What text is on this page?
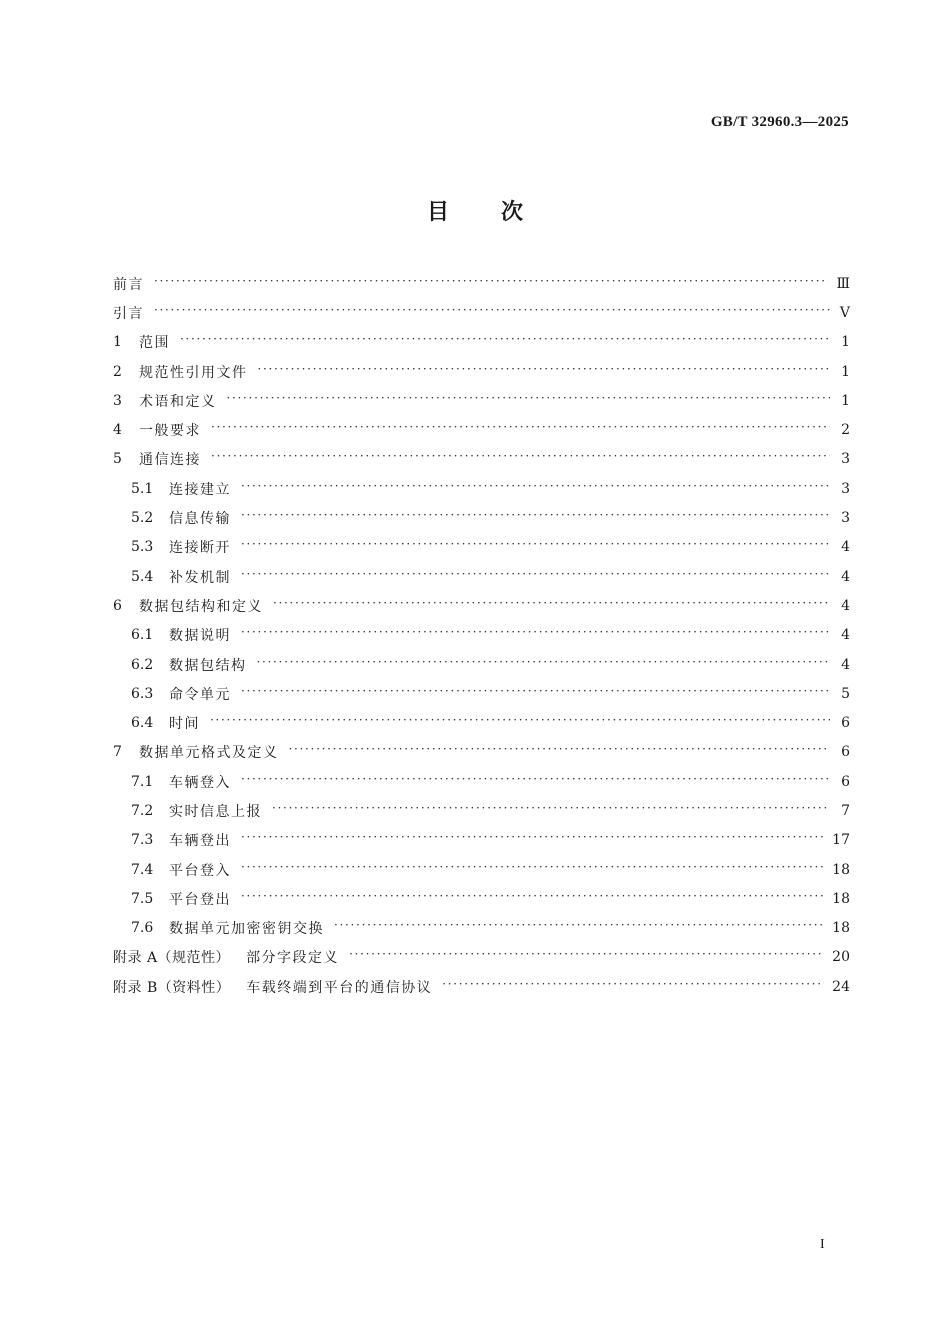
GB/T 32960.3—2025
目次
前言 ·····	Ⅲ
引言 ·····	Ⅴ
1	范围 ·····	1
2	规范性引用文件 ·····	1
3	术语和定义 ·····	1
4	一般要求 ·····	2
5	通信连接 ·····	3
5.1	连接建立 ·····	3
5.2	信息传输 ·····	3
5.3	连接断开 ·····	4
5.4	补发机制 ·····	4
6	数据包结构和定义 ·····	4
6.1	数据说明 ·····	4
6.2	数据包结构 ·····	4
6.3	命令单元 ·····	5
6.4	时间 ·····	6
7	数据单元格式及定义 ·····	6
7.1	车辆登入 ·····	6
7.2	实时信息上报 ·····	7
7.3	车辆登出 ·····	17
7.4	平台登入 ·····	18
7.5	平台登出 ·····	18
7.6	数据单元加密密钥交换 ·····	18
附录 A（规范性）	部分字段定义 ·····	20
附录 B（资料性）	车载终端到平台的通信协议 ·····	24
I
